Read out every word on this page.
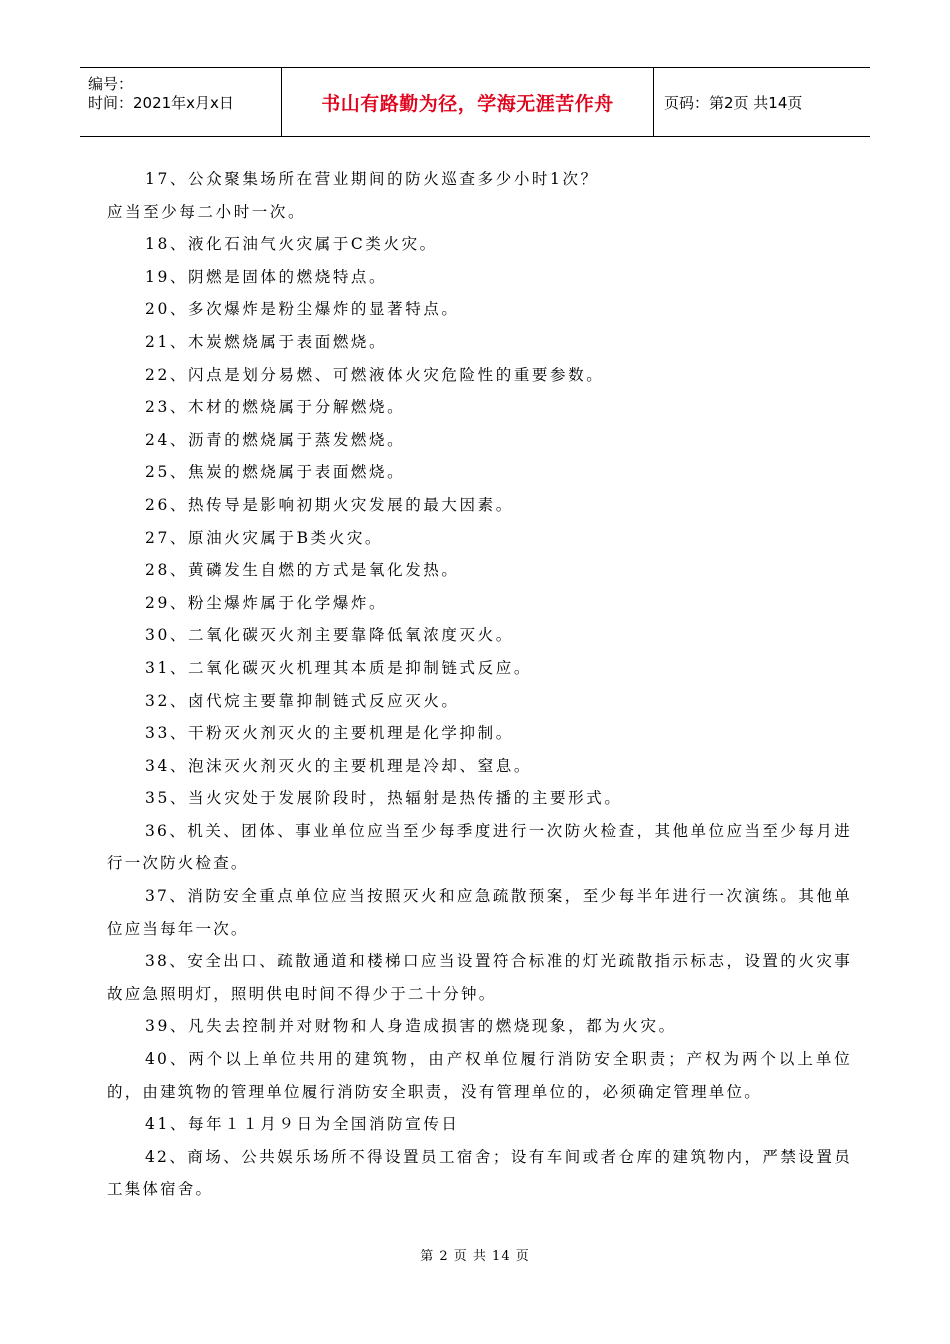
编号：
时间：2021年x月x日	书山有路勤为径，学海无涯苦作舟	页码：第2页 共14页
17、公众聚集场所在营业期间的防火巡查多少小时1次？
应当至少每二小时一次。
18、液化石油气火灾属于C类火灾。
19、阴燃是固体的燃烧特点。
20、多次爆炸是粉尘爆炸的显著特点。
21、木炭燃烧属于表面燃烧。
22、闪点是划分易燃、可燃液体火灾危险性的重要参数。
23、木材的燃烧属于分解燃烧。
24、沥青的燃烧属于蒸发燃烧。
25、焦炭的燃烧属于表面燃烧。
26、热传导是影响初期火灾发展的最大因素。
27、原油火灾属于B类火灾。
28、黄磷发生自燃的方式是氧化发热。
29、粉尘爆炸属于化学爆炸。
30、二氧化碳灭火剂主要靠降低氧浓度灭火。
31、二氧化碳灭火机理其本质是抑制链式反应。
32、卤代烷主要靠抑制链式反应灭火。
33、干粉灭火剂灭火的主要机理是化学抑制。
34、泡沫灭火剂灭火的主要机理是冷却、窒息。
35、当火灾处于发展阶段时，热辐射是热传播的主要形式。
36、机关、团体、事业单位应当至少每季度进行一次防火检查，其他单位应当至少每月进行一次防火检查。
37、消防安全重点单位应当按照灭火和应急疏散预案，至少每半年进行一次演练。其他单位应当每年一次。
38、安全出口、疏散通道和楼梯口应当设置符合标准的灯光疏散指示标志，设置的火灾事故应急照明灯，照明供电时间不得少于二十分钟。
39、凡失去控制并对财物和人身造成损害的燃烧现象，都为火灾。
40、两个以上单位共用的建筑物，由产权单位履行消防安全职责；产权为两个以上单位的，由建筑物的管理单位履行消防安全职责，没有管理单位的，必须确定管理单位。
41、每年１１月９日为全国消防宣传日
42、商场、公共娱乐场所不得设置员工宿舍；设有车间或者仓库的建筑物内，严禁设置员工集体宿舍。
第 2 页 共 14 页
